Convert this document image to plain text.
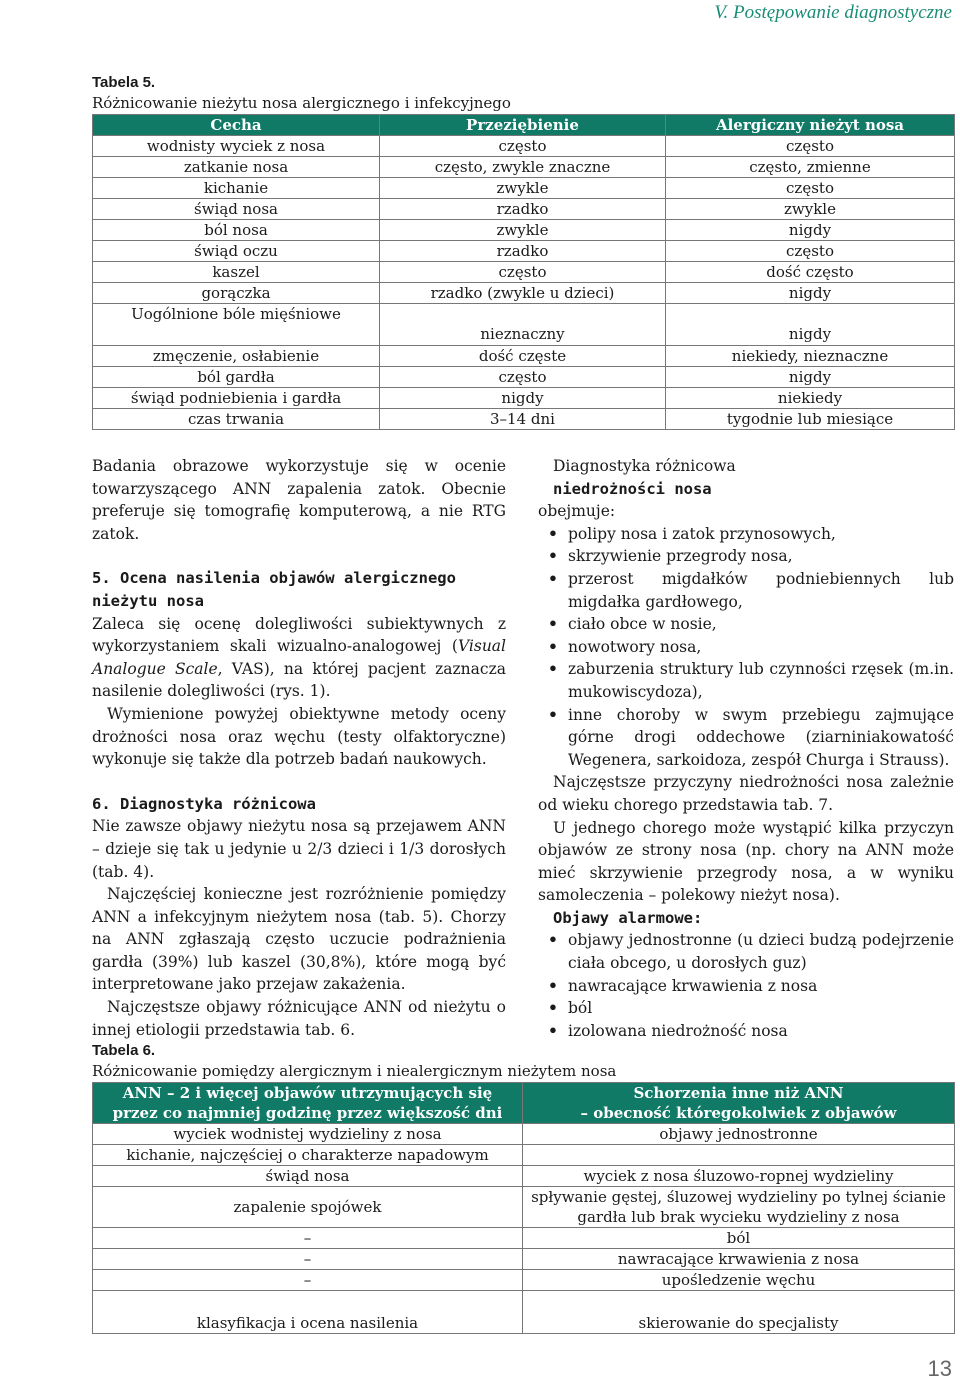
V. Postępowanie diagnostyczne
Tabela 5.
Różnicowanie nieżytu nosa alergicznego i infekcyjnego
Cecha	Przeziębienie	Alergiczny nieżyt nosa
wodnisty wyciek z nosa	często	często
zatkanie nosa	często, zwykle znaczne	często, zmienne
kichanie	zwykle	często
świąd nosa	rzadko	zwykle
ból nosa	zwykle	nigdy
świąd oczu	rzadko	często
kaszel	często	dość często
gorączka	rzadko (zwykle u dzieci)	nigdy
Uogólnione bóle mięśniowe	nieznaczny	nigdy
zmęczenie, osłabienie	dość częste	niekiedy, nieznaczne
ból gardła	często	nigdy
świąd podniebienia i gardła	nigdy	niekiedy
czas trwania	3–14 dni	tygodnie lub miesiące

Badania obrazowe wykorzystuje się w ocenie towarzyszącego ANN zapalenia zatok. Obecnie preferuje się tomografię komputerową, a nie RTG zatok.

5. Ocena nasilenia objawów alergicznego nieżytu nosa

Zaleca się ocenę dolegliwości subiektywnych z wykorzystaniem skali wizualno-analogowej (Visual Analogue Scale, VAS), na której pacjent zaznacza nasilenie dolegliwości (rys. 1).

Wymienione powyżej obiektywne metody oceny drożności nosa oraz węchu (testy olfaktoryczne) wykonuje się także dla potrzeb badań naukowych.

6. Diagnostyka różnicowa

Nie zawsze objawy nieżytu nosa są przejawem ANN – dzieje się tak u jedynie u 2/3 dzieci i 1/3 dorosłych (tab. 4).

Najczęściej konieczne jest rozróżnienie pomiędzy ANN a infekcyjnym nieżytem nosa (tab. 5). Chorzy na ANN zgłaszają często uczucie podrażnienia gardła (39%) lub kaszel (30,8%), które mogą być interpretowane jako przejaw zakażenia.

Najczęstsze objawy różnicujące ANN od nieżytu o innej etiologii przedstawia tab. 6.

Diagnostyka różnicowa
niedrożności nosa
obejmuje:

• polipy nosa i zatok przynosowych,
• skrzywienie przegrody nosa,
• przerost migdałków podniebiennych lub migdałka gardłowego,
• ciało obce w nosie,
• nowotwory nosa,
• zaburzenia struktury lub czynności rzęsek (m.in. mukowiscydoza),
• inne choroby w swym przebiegu zajmujące górne drogi oddechowe (ziarniniakowatość Wegenera, sarkoidoza, zespół Churga i Strauss).

Najczęstsze przyczyny niedrożności nosa zależnie od wieku chorego przedstawia tab. 7.

U jednego chorego może wystąpić kilka przyczyn objawów ze strony nosa (np. chory na ANN może mieć skrzywienie przegrody nosa, a w wyniku samoleczenia – polekowy nieżyt nosa).

Objawy alarmowe:

• objawy jednostronne (u dzieci budzą podejrzenie ciała obcego, u dorosłych guz)
• nawracające krwawienia z nosa
• ból
• izolowana niedrożność nosa
Tabela 6.
Różnicowanie pomiędzy alergicznym i niealergicznym nieżytem nosa
ANN – 2 i więcej objawów utrzymujących się
przez co najmniej godzinę przez większość dni	Schorzenia inne niż ANN
– obecność któregokolwiek z objawów
wyciek wodnistej wydzieliny z nosa	objawy jednostronne
kichanie, najczęściej o charakterze napadowym	
świąd nosa	wyciek z nosa śluzowo-ropnej wydzieliny
zapalenie spojówek	spływanie gęstej, śluzowej wydzieliny po tylnej ścianie gardła lub brak wycieku wydzieliny z nosa
–	ból
–	nawracające krwawienia z nosa
–	upośledzenie węchu
klasyfikacja i ocena nasilenia	skierowanie do specjalisty
13
